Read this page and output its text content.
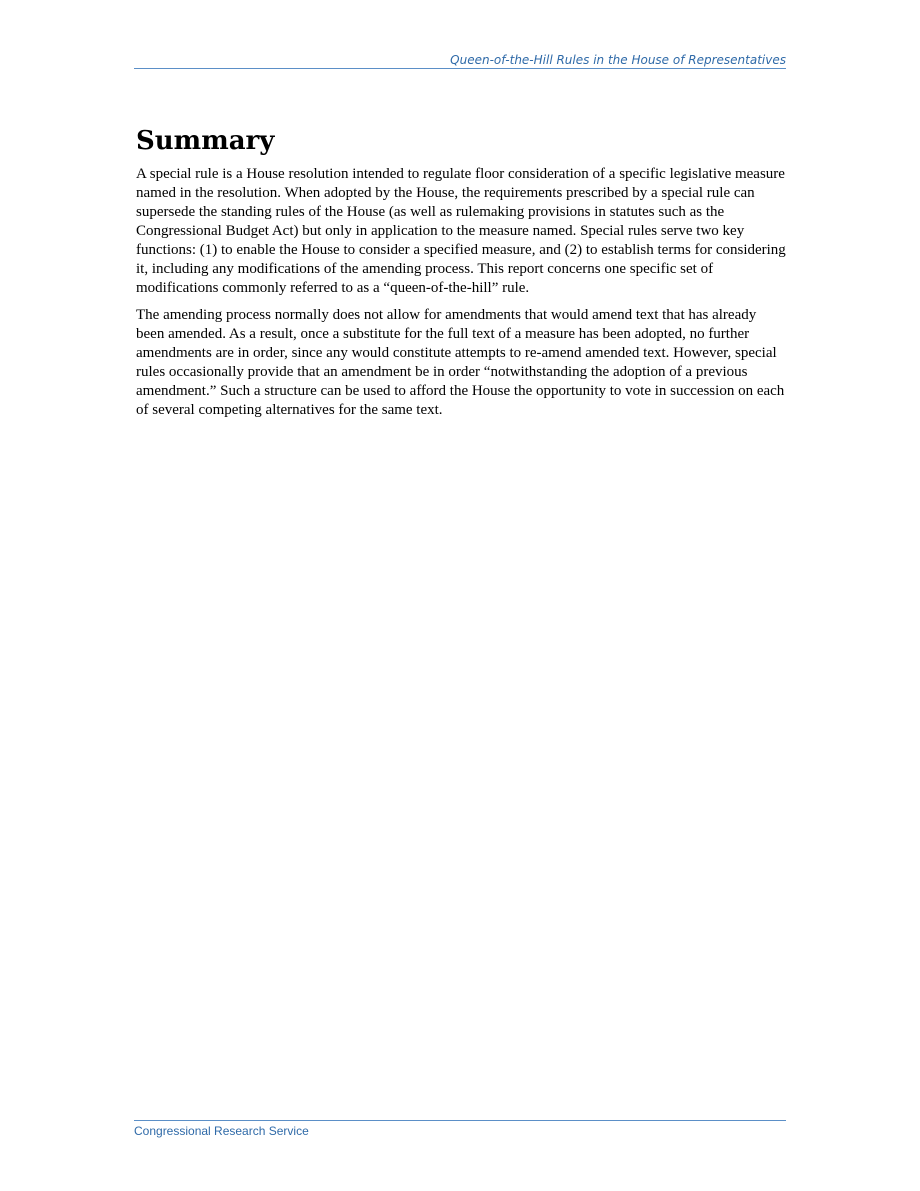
Queen-of-the-Hill Rules in the House of Representatives
Summary

A special rule is a House resolution intended to regulate floor consideration of a specific legislative measure named in the resolution. When adopted by the House, the requirements prescribed by a special rule can supersede the standing rules of the House (as well as rulemaking provisions in statutes such as the Congressional Budget Act) but only in application to the measure named. Special rules serve two key functions: (1) to enable the House to consider a specified measure, and (2) to establish terms for considering it, including any modifications of the amending process. This report concerns one specific set of modifications commonly referred to as a “queen-of-the-hill” rule.

The amending process normally does not allow for amendments that would amend text that has already been amended. As a result, once a substitute for the full text of a measure has been adopted, no further amendments are in order, since any would constitute attempts to re-amend amended text. However, special rules occasionally provide that an amendment be in order “notwithstanding the adoption of a previous amendment.” Such a structure can be used to afford the House the opportunity to vote in succession on each of several competing alternatives for the same text.

Congressional Research Service
